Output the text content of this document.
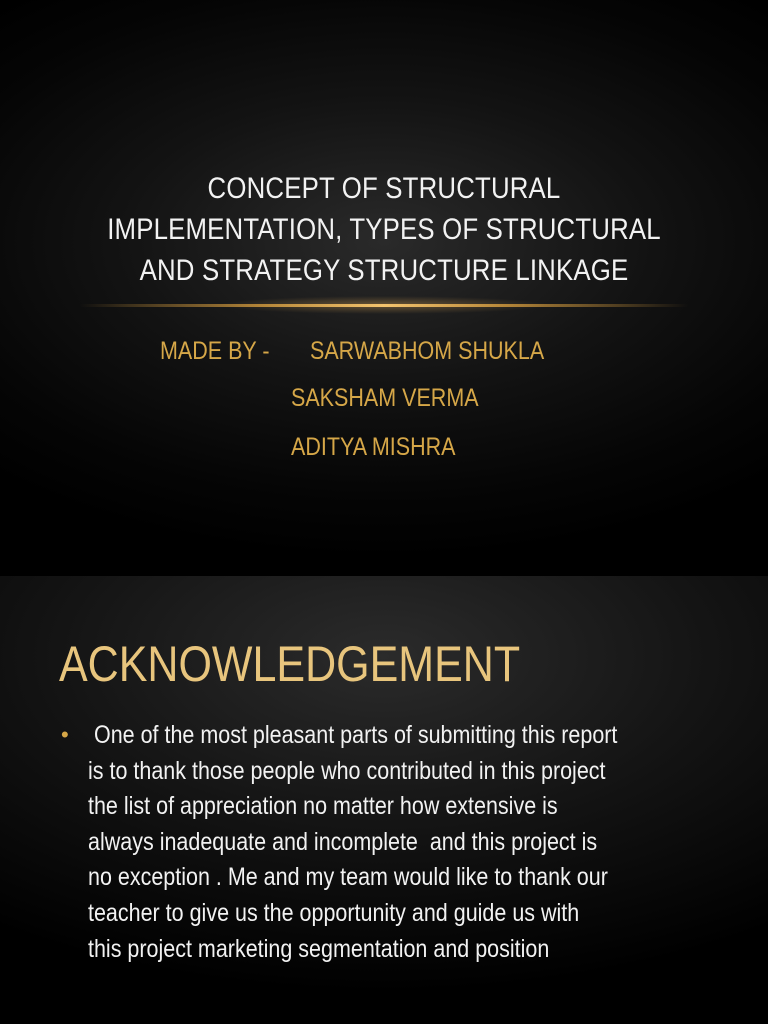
CONCEPT OF STRUCTURAL
IMPLEMENTATION, TYPES OF STRUCTURAL
AND STRATEGY STRUCTURE LINKAGE
MADE BY - SARWABHOM SHUKLA
SAKSHAM VERMA
ADITYA MISHRA
ACKNOWLEDGEMENT
• One of the most pleasant parts of submitting this report
is to thank those people who contributed in this project
the list of appreciation no matter how extensive is
always inadequate and incomplete  and this project is
no exception . Me and my team would like to thank our
teacher to give us the opportunity and guide us with
this project marketing segmentation and position
